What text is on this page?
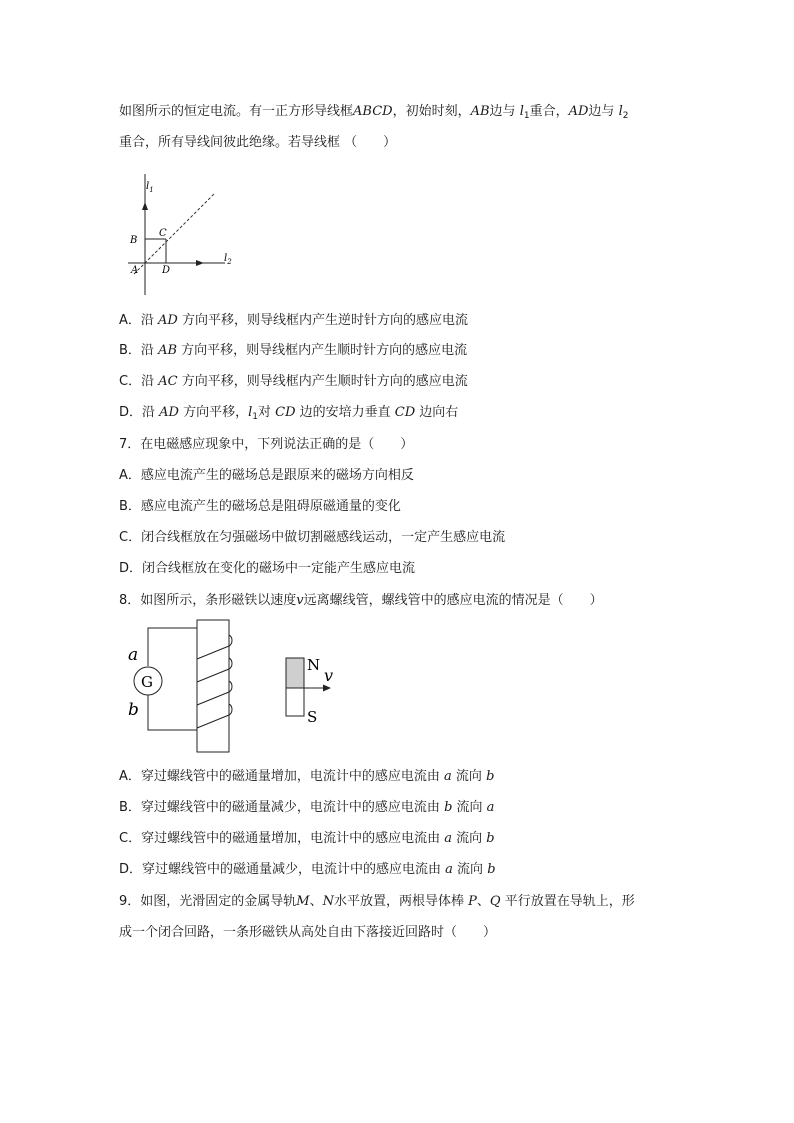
如图所示的恒定电流。有一正方形导线框ABCD，初始时刻，AB边与 $l_1$重合，AD边与 $l_2$
重合，所有导线间彼此绝缘。若导线框 （　　）
$l_1$
$l_2$
B
C
A D
A．沿 AD 方向平移，则导线框内产生逆时针方向的感应电流
B．沿 AB 方向平移，则导线框内产生顺时针方向的感应电流
C．沿 AC 方向平移，则导线框内产生顺时针方向的感应电流
D．沿 AD 方向平移，$l_1$对 CD 边的安培力垂直 CD 边向右
7．在电磁感应现象中，下列说法正确的是（　　）
A．感应电流产生的磁场总是跟原来的磁场方向相反
B．感应电流产生的磁场总是阻碍原磁通量的变化
C．闭合线框放在匀强磁场中做切割磁感线运动，一定产生感应电流
D．闭合线框放在变化的磁场中一定能产生感应电流
8．如图所示，条形磁铁以速度v远离螺线管，螺线管中的感应电流的情况是（　　）
G
a
b
N
S
v
A．穿过螺线管中的磁通量增加，电流计中的感应电流由 a 流向 b
B．穿过螺线管中的磁通量减少，电流计中的感应电流由 b 流向 a
C．穿过螺线管中的磁通量增加，电流计中的感应电流由 a 流向 b
D．穿过螺线管中的磁通量减少，电流计中的感应电流由 a 流向 b
9．如图，光滑固定的金属导轨M、N水平放置，两根导体棒 P、Q 平行放置在导轨上，形
成一个闭合回路，一条形磁铁从高处自由下落接近回路时（　　）
